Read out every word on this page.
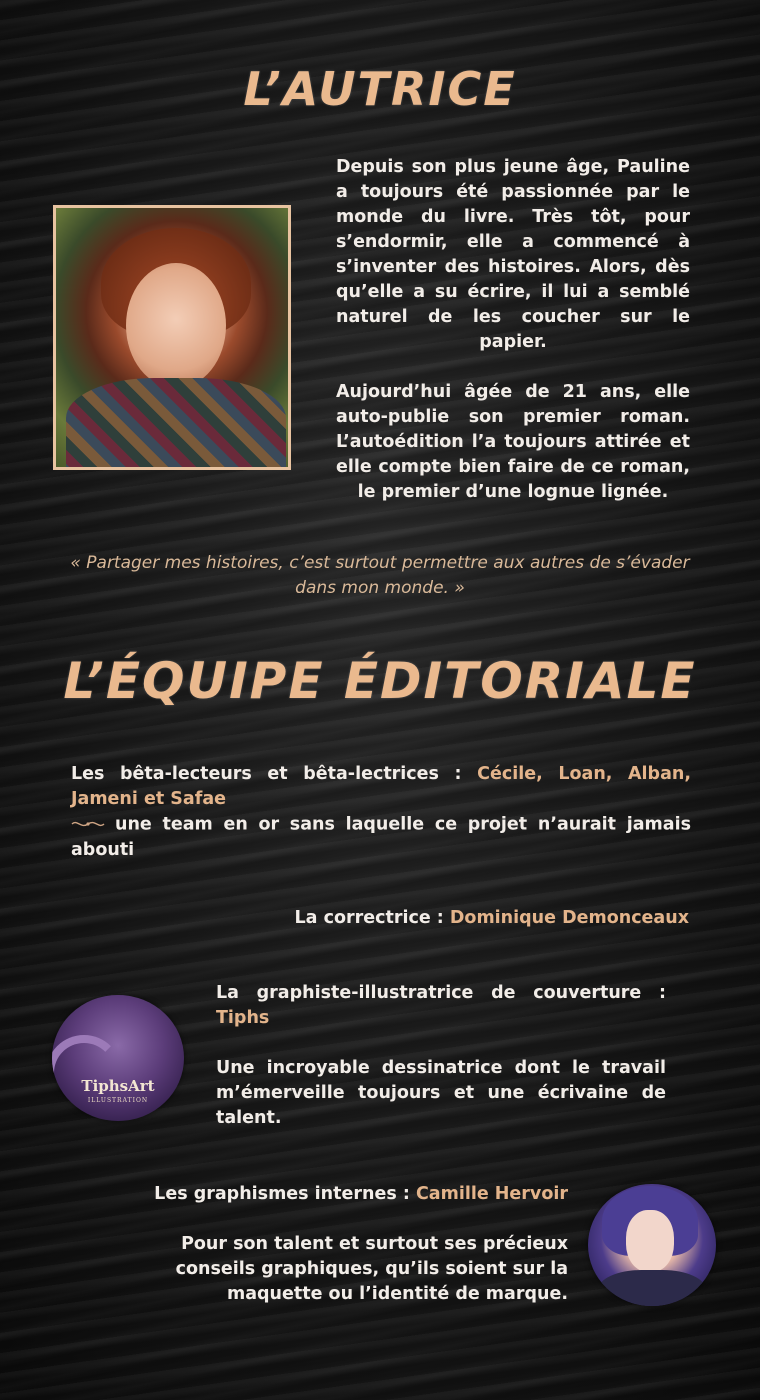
L’AUTRICE

Depuis son plus jeune âge, Pauline a toujours été passionnée par le monde du livre. Très tôt, pour s’endormir, elle a commencé à s’inventer des histoires. Alors, dès qu’elle a su écrire, il lui a semblé naturel de les coucher sur le papier.

Aujourd’hui âgée de 21 ans, elle auto-publie son premier roman. L’autoédition l’a toujours attirée et elle compte bien faire de ce roman, le premier d’une lognue lignée.

« Partager mes histoires, c’est surtout permettre aux autres de s’évader dans mon monde. »

L’ÉQUIPE ÉDITORIALE

Les bêta-lecteurs et bêta-lectrices : Cécile, Loan, Alban, Jameni et Safae

une team en or sans laquelle ce projet n’aurait jamais abouti

La correctrice : Dominique Demonceaux

TiphsArt
ILLUSTRATION

La graphiste-illustratrice de couverture : Tiphs

Une incroyable dessinatrice dont le travail m’émerveille toujours et une écrivaine de talent.

Les graphismes internes : Camille Hervoir

Pour son talent et surtout ses précieux conseils graphiques, qu’ils soient sur la maquette ou l’identité de marque.
